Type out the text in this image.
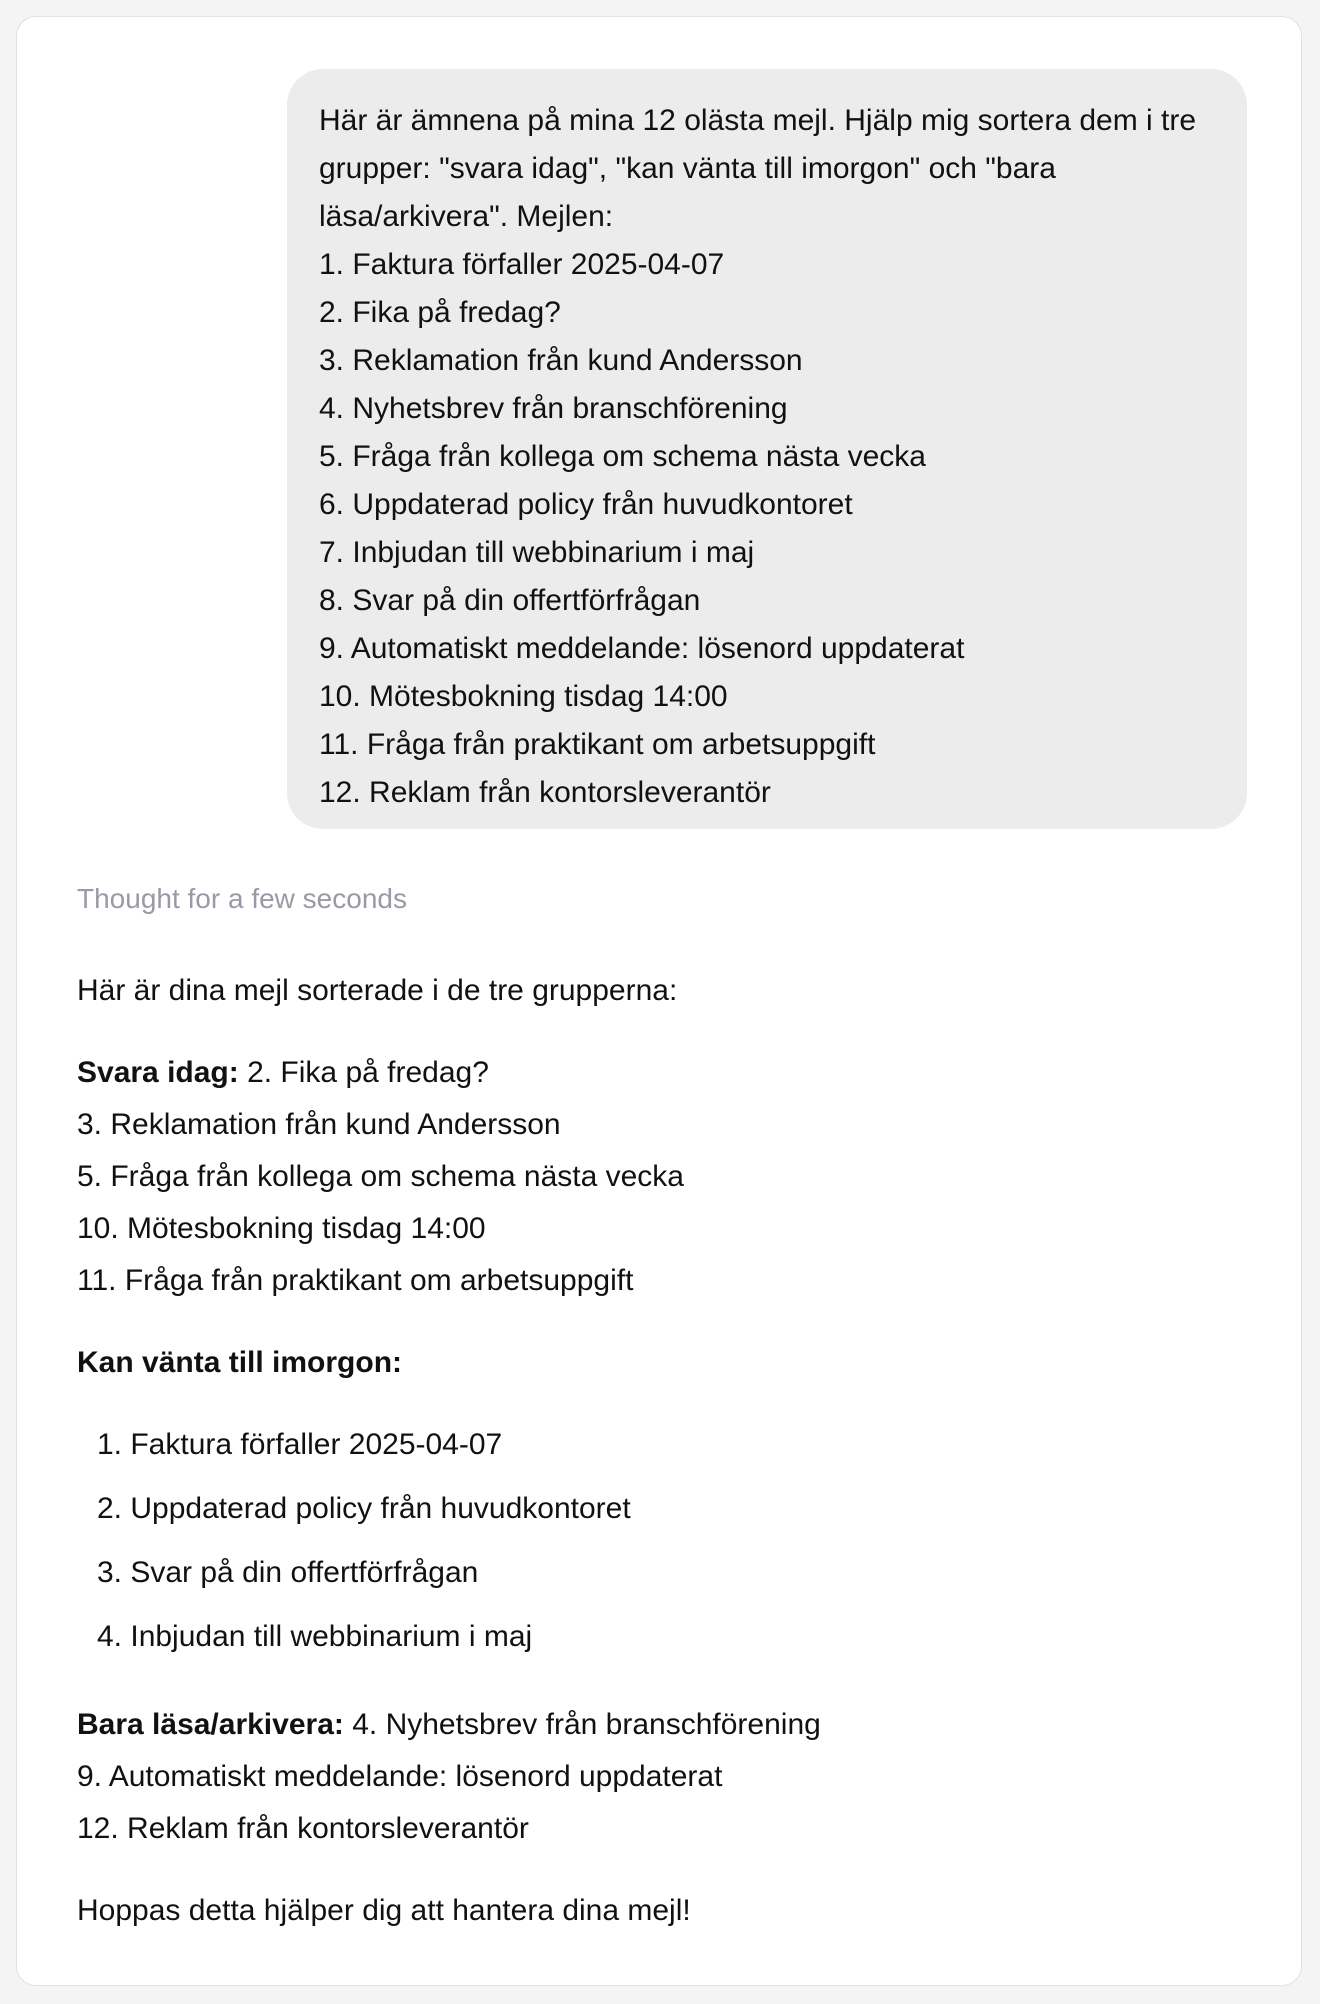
Här är ämnena på mina 12 olästa mejl. Hjälp mig sortera dem i tre grupper: "svara idag", "kan vänta till imorgon" och "bara läsa/arkivera". Mejlen:

1. Faktura förfaller 2025-04-07
2. Fika på fredag?
3. Reklamation från kund Andersson
4. Nyhetsbrev från branschförening
5. Fråga från kollega om schema nästa vecka
6. Uppdaterad policy från huvudkontoret
7. Inbjudan till webbinarium i maj
8. Svar på din offertförfrågan
9. Automatiskt meddelande: lösenord uppdaterat
10. Mötesbokning tisdag 14:00
11. Fråga från praktikant om arbetsuppgift
12. Reklam från kontorsleverantör
Thought for a few seconds

Här är dina mejl sorterade i de tre grupperna:

Svara idag: 2. Fika på fredag?
3. Reklamation från kund Andersson
5. Fråga från kollega om schema nästa vecka
10. Mötesbokning tisdag 14:00
11. Fråga från praktikant om arbetsuppgift

Kan vänta till imorgon:

1. Faktura förfaller 2025-04-07
2. Uppdaterad policy från huvudkontoret
3. Svar på din offertförfrågan
4. Inbjudan till webbinarium i maj

Bara läsa/arkivera: 4. Nyhetsbrev från branschförening
9. Automatiskt meddelande: lösenord uppdaterat
12. Reklam från kontorsleverantör

Hoppas detta hjälper dig att hantera dina mejl!
